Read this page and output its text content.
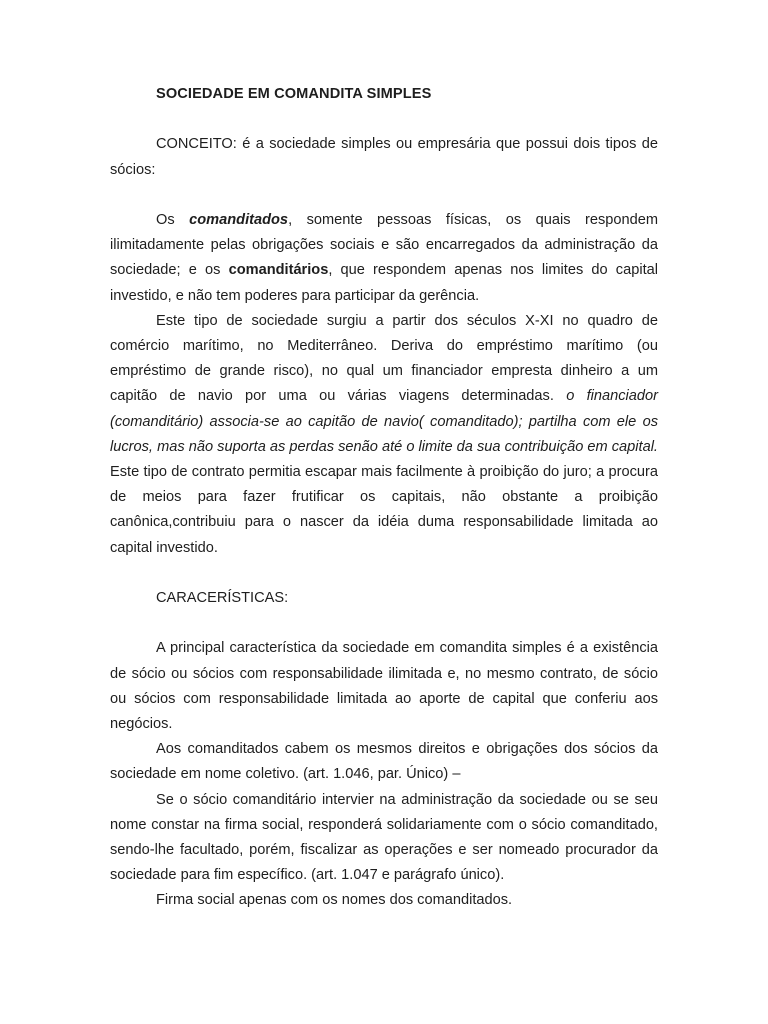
SOCIEDADE EM COMANDITA SIMPLES

CONCEITO: é a sociedade simples ou empresária que possui dois tipos de sócios:

Os comanditados, somente pessoas físicas, os quais respondem ilimitadamente pelas obrigações sociais e são encarregados da administração da sociedade; e os comanditários, que respondem apenas nos limites do capital investido, e não tem poderes para participar da gerência.

Este tipo de sociedade surgiu a partir dos séculos X-XI no quadro de comércio marítimo, no Mediterrâneo. Deriva do empréstimo marítimo (ou empréstimo de grande risco), no qual um financiador empresta dinheiro a um capitão de navio por uma ou várias viagens determinadas. o financiador (comanditário) associa-se ao capitão de navio( comanditado); partilha com ele os lucros, mas não suporta as perdas senão até o limite da sua contribuição em capital. Este tipo de contrato permitia escapar mais facilmente à proibição do juro; a procura de meios para fazer frutificar os capitais, não obstante a proibição canônica,contribuiu para o nascer da idéia duma responsabilidade limitada ao capital investido.

CARACERÍSTICAS:

A principal característica da sociedade em comandita simples é a existência de sócio ou sócios com responsabilidade ilimitada e, no mesmo contrato, de sócio ou sócios com responsabilidade limitada ao aporte de capital que conferiu aos negócios.

Aos comanditados cabem os mesmos direitos e obrigações dos sócios da sociedade em nome coletivo. (art. 1.046, par. Único) –

Se o sócio comanditário intervier na administração da sociedade ou se seu nome constar na firma social, responderá solidariamente com o sócio comanditado, sendo-lhe facultado, porém, fiscalizar as operações e ser nomeado procurador da sociedade para fim específico. (art. 1.047 e parágrafo único).

Firma social apenas com os nomes dos comanditados.
